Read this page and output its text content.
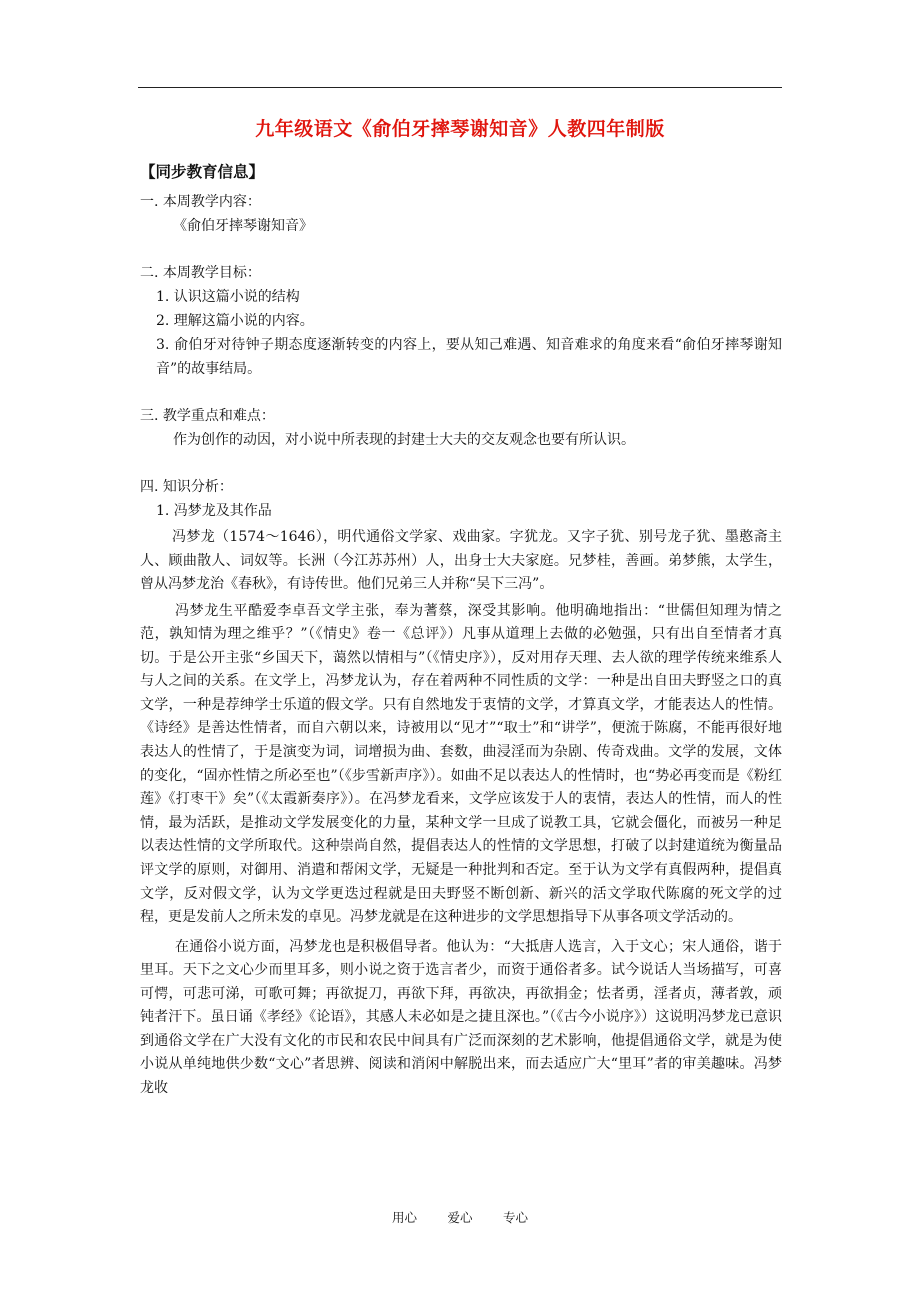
九年级语文《俞伯牙摔琴谢知音》人教四年制版
【同步教育信息】
一. 本周教学内容：
《俞伯牙摔琴谢知音》
二. 本周教学目标：
1. 认识这篇小说的结构
2. 理解这篇小说的内容。
3. 俞伯牙对待钟子期态度逐渐转变的内容上，要从知己难遇、知音难求的角度来看“俞伯牙摔琴谢知音”的故事结局。
三. 教学重点和难点：
作为创作的动因，对小说中所表现的封建士大夫的交友观念也要有所认识。
四. 知识分析：
1. 冯梦龙及其作品
冯梦龙（1574～1646），明代通俗文学家、戏曲家。字犹龙。又字子犹、别号龙子犹、墨憨斋主人、顾曲散人、词奴等。长洲（今江苏苏州）人，出身士大夫家庭。兄梦桂，善画。弟梦熊，太学生，曾从冯梦龙治《春秋》，有诗传世。他们兄弟三人并称“吴下三冯”。
冯梦龙生平酷爱李卓吾文学主张，奉为蓍蔡，深受其影响。他明确地指出：“世儒但知理为情之范，孰知情为理之维乎？”（《情史》卷一《总评》）凡事从道理上去做的必勉强，只有出自至情者才真切。于是公开主张“乡国天下，蔼然以情相与”（《情史序》），反对用存天理、去人欲的理学传统来维系人与人之间的关系。在文学上，冯梦龙认为，存在着两种不同性质的文学：一种是出自田夫野竖之口的真文学，一种是荐绅学士乐道的假文学。只有自然地发于衷情的文学，才算真文学，才能表达人的性情。《诗经》是善达性情者，而自六朝以来，诗被用以“见才”“取士”和“讲学”，便流于陈腐，不能再很好地表达人的性情了，于是演变为词，词增损为曲、套数，曲浸淫而为杂剧、传奇戏曲。文学的发展，文体的变化，“固亦性情之所必至也”（《步雪新声序》）。如曲不足以表达人的性情时，也“势必再变而是《粉红莲》《打枣干》矣”（《太霞新奏序》）。在冯梦龙看来，文学应该发于人的衷情，表达人的性情，而人的性情，最为活跃，是推动文学发展变化的力量，某种文学一旦成了说教工具，它就会僵化，而被另一种足以表达性情的文学所取代。这种崇尚自然，提倡表达人的性情的文学思想，打破了以封建道统为衡量品评文学的原则，对御用、消遣和帮闲文学，无疑是一种批判和否定。至于认为文学有真假两种，提倡真文学，反对假文学，认为文学更迭过程就是田夫野竖不断创新、新兴的活文学取代陈腐的死文学的过程，更是发前人之所未发的卓见。冯梦龙就是在这种进步的文学思想指导下从事各项文学活动的。
在通俗小说方面，冯梦龙也是积极倡导者。他认为：“大抵唐人选言，入于文心；宋人通俗，谐于里耳。天下之文心少而里耳多，则小说之资于选言者少，而资于通俗者多。试今说话人当场描写，可喜可愕，可悲可涕，可歌可舞；再欲捉刀，再欲下拜，再欲决，再欲捐金；怯者勇，淫者贞，薄者敦，顽钝者汗下。虽日诵《孝经》《论语》，其感人未必如是之捷且深也。”（《古今小说序》）这说明冯梦龙已意识到通俗文学在广大没有文化的市民和农民中间具有广泛而深刻的艺术影响，他提倡通俗文学，就是为使小说从单纯地供少数“文心”者思辨、阅读和消闲中解脱出来，而去适应广大“里耳”者的审美趣味。冯梦龙收
用心　 爱心　 专心
